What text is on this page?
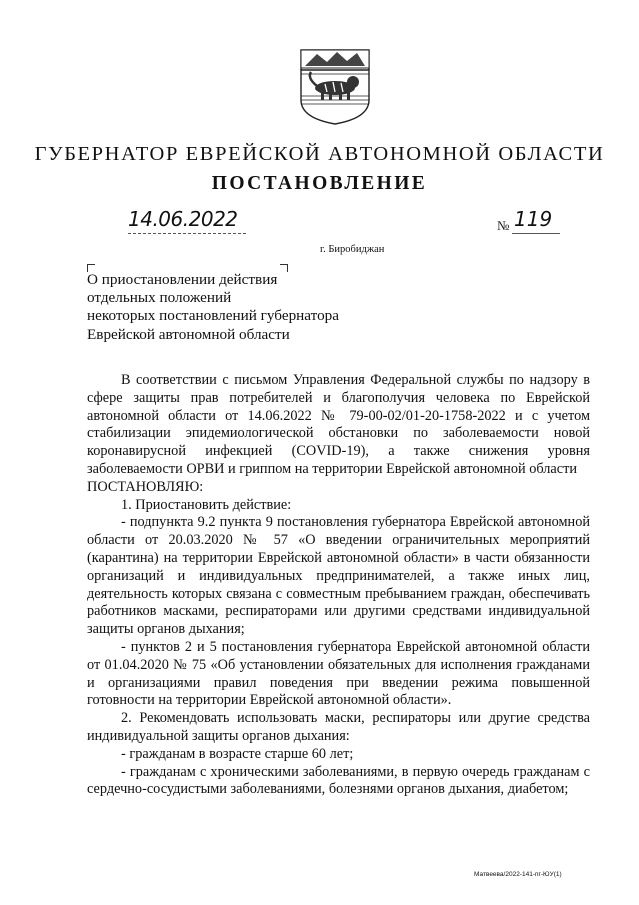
ГУБЕРНАТОР ЕВРЕЙСКОЙ АВТОНОМНОЙ ОБЛАСТИ
ПОСТАНОВЛЕНИЕ
14.06.2022	№ 119
г. Биробиджан
О приостановлении действия
отдельных положений
некоторых постановлений губернатора
Еврейской автономной области

В соответствии с письмом Управления Федеральной службы по надзору в сфере защиты прав потребителей и благополучия человека по Еврейской автономной области от 14.06.2022 № 79-00-02/01-20-1758-2022 и с учетом стабилизации эпидемиологической обстановки по заболеваемости новой коронавирусной инфекцией (COVID-19), а также снижения уровня заболеваемости ОРВИ и гриппом на территории Еврейской автономной области

ПОСТАНОВЛЯЮ:

1. Приостановить действие:

- подпункта 9.2 пункта 9 постановления губернатора Еврейской автономной области от 20.03.2020 № 57 «О введении ограничительных мероприятий (карантина) на территории Еврейской автономной области» в части обязанности организаций и индивидуальных предпринимателей, а также иных лиц, деятельность которых связана с совместным пребыванием граждан, обеспечивать работников масками, респираторами или другими средствами индивидуальной защиты органов дыхания;

- пунктов 2 и 5 постановления губернатора Еврейской автономной области от 01.04.2020 № 75 «Об установлении обязательных для исполнения гражданами и организациями правил поведения при введении режима повышенной готовности на территории Еврейской автономной области».

2. Рекомендовать использовать маски, респираторы или другие средства индивидуальной защиты органов дыхания:

- гражданам в возрасте старше 60 лет;

- гражданам с хроническими заболеваниями, в первую очередь гражданам с сердечно-сосудистыми заболеваниями, болезнями органов дыхания, диабетом;

Матвеева/2022-141-пг-ЮУ(1)
